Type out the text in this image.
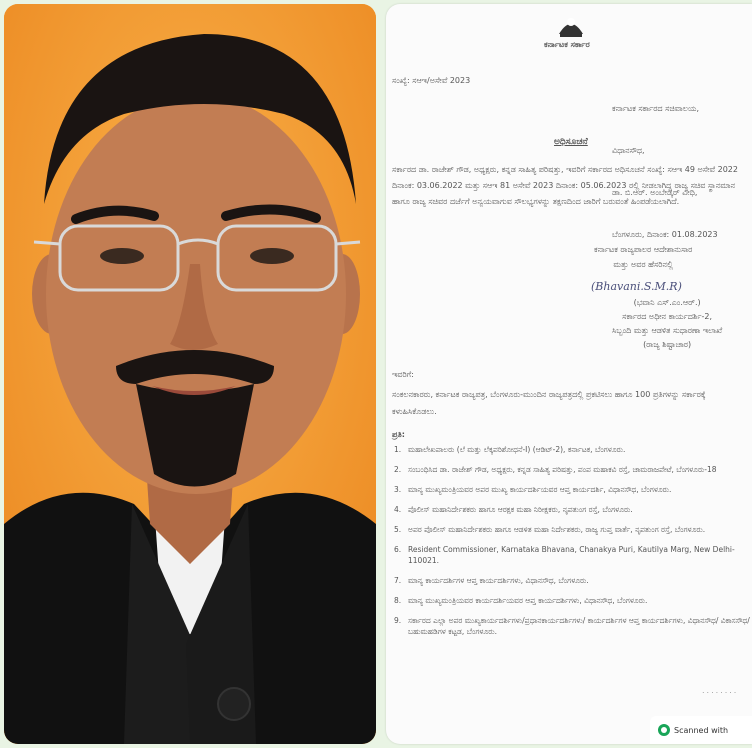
ಕರ್ನಾಟಕ ಸರ್ಕಾರ
ಸಂಖ್ಯೆ: ಸಆಇ/ಅಸೇವೆ 2023

ಕರ್ನಾಟಕ ಸರ್ಕಾರದ ಸಚಿವಾಲಯ,

ವಿಧಾನಸೌಧ,

ಡಾ. ಬಿ.ಆರ್. ಅಂಬೇಡ್ಕರ್ ವೀಧಿ,

ಬೆಂಗಳೂರು, ದಿನಾಂಕ: 01.08.2023

ಅಧಿಸೂಚನೆ
ಸರ್ಕಾರದ ಡಾ. ರಾಜೇಶ್ ಗೌಡ, ಅಧ್ಯಕ್ಷರು, ಕನ್ನಡ ಸಾಹಿತ್ಯ ಪರಿಷತ್ತು, ಇವರಿಗೆ ಸರ್ಕಾರದ ಅಧಿಸೂಚನೆ ಸಂಖ್ಯೆ: ಸಆಇ 49 ಅಸೇವೆ 2022 ದಿನಾಂಕ: 03.06.2022 ಮತ್ತು ಸಆಇ 81 ಅಸೇವೆ 2023 ದಿನಾಂಕ: 05.06.2023 ರಲ್ಲಿ ನೀಡಲಾಗಿದ್ದ ರಾಜ್ಯ ಸಚಿವ ಸ್ಥಾನಮಾನ ಹಾಗೂ ರಾಜ್ಯ ಸಚಿವರ ದರ್ಜೆಗೆ ಅನ್ವಯವಾಗುವ ಸೌಲಭ್ಯಗಳನ್ನು ತಕ್ಷಣದಿಂದ ಜಾರಿಗೆ ಬರುವಂತೆ ಹಿಂಪಡೆಯಲಾಗಿದೆ.
ಕರ್ನಾಟಕ ರಾಜ್ಯಪಾಲರ ಆದೇಶಾನುಸಾರ
ಮತ್ತು ಅವರ ಹೆಸರಿನಲ್ಲಿ
(Bhavani.S.M.R)
(ಭವಾನಿ ಎಸ್.ಎಂ.ಆರ್.)
ಸರ್ಕಾರದ ಅಧೀನ ಕಾರ್ಯದರ್ಶಿ-2,
ಸಿಬ್ಬಂದಿ ಮತ್ತು ಆಡಳಿತ ಸುಧಾರಣಾ ಇಲಾಖೆ
(ರಾಜ್ಯ ಶಿಷ್ಟಾಚಾರ)
ಇವರಿಗೆ:
ಸಂಕಲನಕಾರರು, ಕರ್ನಾಟಕ ರಾಜ್ಯಪತ್ರ, ಬೆಂಗಳೂರು-ಮುಂದಿನ ರಾಜ್ಯಪತ್ರದಲ್ಲಿ ಪ್ರಕಟಿಸಲು ಹಾಗೂ 100 ಪ್ರತಿಗಳನ್ನು ಸರ್ಕಾರಕ್ಕೆ ಕಳುಹಿಸಿಕೊಡಲು.
ಪ್ರತಿ:
1. ಮಹಾಲೇಖಪಾಲರು (ಲೆ ಮತ್ತು ಲೆಕ್ಕಪರಿಶೋಧನೆ-I) (ಆಡಿಟ್-2), ಕರ್ನಾಟಕ, ಬೆಂಗಳೂರು.
2. ಸಂಬಂಧಿಸಿದ ಡಾ. ರಾಜೇಶ್ ಗೌಡ, ಅಧ್ಯಕ್ಷರು, ಕನ್ನಡ ಸಾಹಿತ್ಯ ಪರಿಷತ್ತು, ಪಂಪ ಮಹಾಕವಿ ರಸ್ತೆ, ಚಾಮರಾಜಪೇಟೆ, ಬೆಂಗಳೂರು-18
3. ಮಾನ್ಯ ಮುಖ್ಯಮಂತ್ರಿಯವರ ಅಪರ ಮುಖ್ಯ ಕಾರ್ಯದರ್ಶಿಯವರ ಆಪ್ತ ಕಾರ್ಯದರ್ಶಿ, ವಿಧಾನಸೌಧ, ಬೆಂಗಳೂರು.
4. ಪೊಲೀಸ್ ಮಹಾನಿರ್ದೇಶಕರು ಹಾಗೂ ಆರಕ್ಷಕ ಮಹಾ ನಿರೀಕ್ಷಕರು, ನೃಪತುಂಗ ರಸ್ತೆ, ಬೆಂಗಳೂರು.
5. ಅಪರ ಪೊಲೀಸ್ ಮಹಾನಿರ್ದೇಶಕರು ಹಾಗೂ ಆಡಳಿತ ಮಹಾ ನಿರ್ದೇಶಕರು, ರಾಜ್ಯ ಗುಪ್ತ ವಾರ್ತೆ, ನೃಪತುಂಗ ರಸ್ತೆ, ಬೆಂಗಳೂರು.
6. Resident Commissioner, Karnataka Bhavana, Chanakya Puri, Kautilya Marg, New Delhi-110021.
7. ಮಾನ್ಯ ಕಾರ್ಯದರ್ಶಿಗಳ ಆಪ್ತ ಕಾರ್ಯದರ್ಶಿಗಳು, ವಿಧಾನಸೌಧ, ಬೆಂಗಳೂರು.
8. ಮಾನ್ಯ ಮುಖ್ಯಮಂತ್ರಿಯವರ ಕಾರ್ಯದರ್ಶಿಯವರ ಆಪ್ತ ಕಾರ್ಯದರ್ಶಿಗಳು, ವಿಧಾನಸೌಧ, ಬೆಂಗಳೂರು.
9. ಸರ್ಕಾರದ ಎಲ್ಲಾ ಅಪರ ಮುಖ್ಯಕಾರ್ಯದರ್ಶಿಗಳು/ಪ್ರಧಾನಕಾರ್ಯದರ್ಶಿಗಳು/ ಕಾರ್ಯದರ್ಶಿಗಳ ಆಪ್ತ ಕಾರ್ಯದರ್ಶಿಗಳು, ವಿಧಾನಸೌಧ/ ವಿಕಾಸಸೌಧ/ ಬಹುಮಹಡಿಗಳ ಕಟ್ಟಡ, ಬೆಂಗಳೂರು.
........
Scanned with
